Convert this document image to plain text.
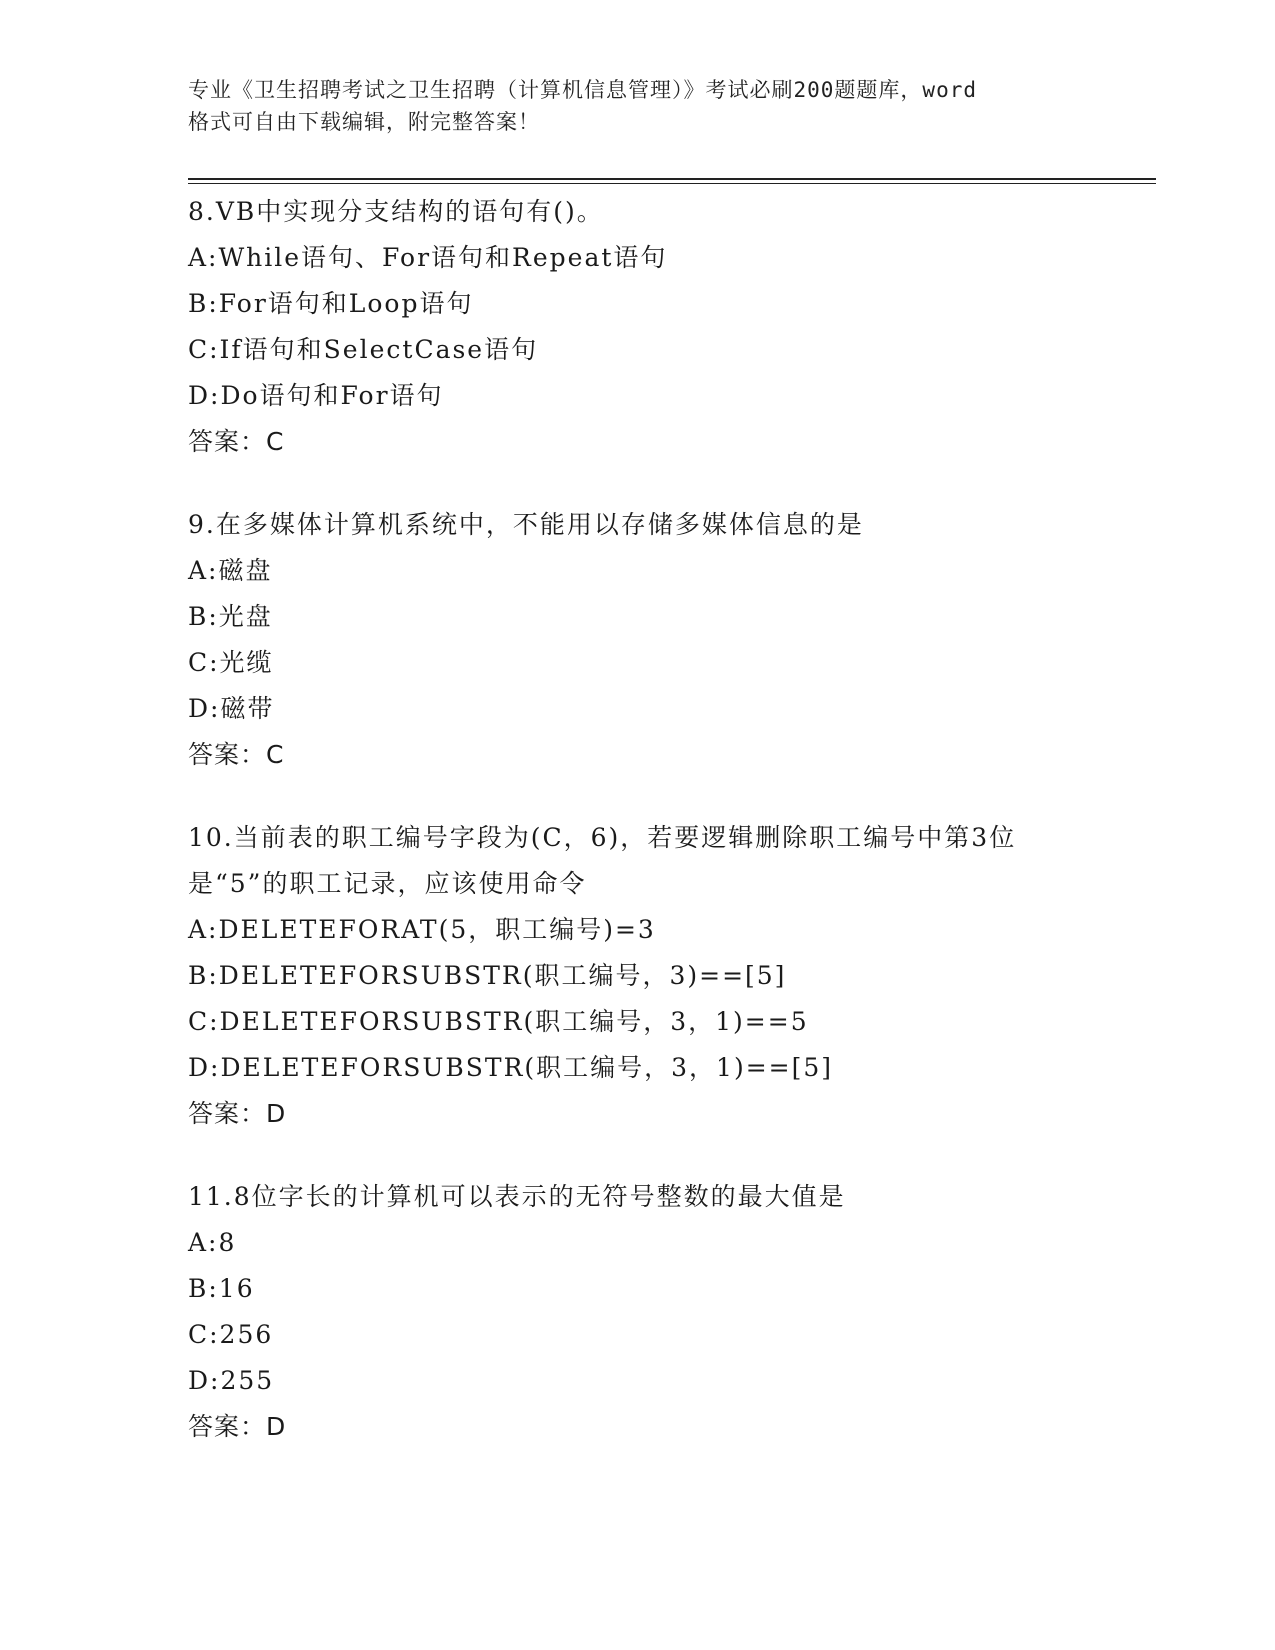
专业《卫生招聘考试之卫生招聘（计算机信息管理）》考试必刷200题题库，word
格式可自由下载编辑，附完整答案！
8.VB中实现分支结构的语句有()。
A:While语句、For语句和Repeat语句
B:For语句和Loop语句
C:If语句和SelectCase语句
D:Do语句和For语句
答案：C
9.在多媒体计算机系统中，不能用以存储多媒体信息的是
A:磁盘
B:光盘
C:光缆
D:磁带
答案：C
10.当前表的职工编号字段为(C，6)，若要逻辑删除职工编号中第3位是“5”的职工记录，应该使用命令
A:DELETEFORAT(5，职工编号)=3
B:DELETEFORSUBSTR(职工编号，3)==[5]
C:DELETEFORSUBSTR(职工编号，3，1)==5
D:DELETEFORSUBSTR(职工编号，3，1)==[5]
答案：D
11.8位字长的计算机可以表示的无符号整数的最大值是
A:8
B:16
C:256
D:255
答案：D
